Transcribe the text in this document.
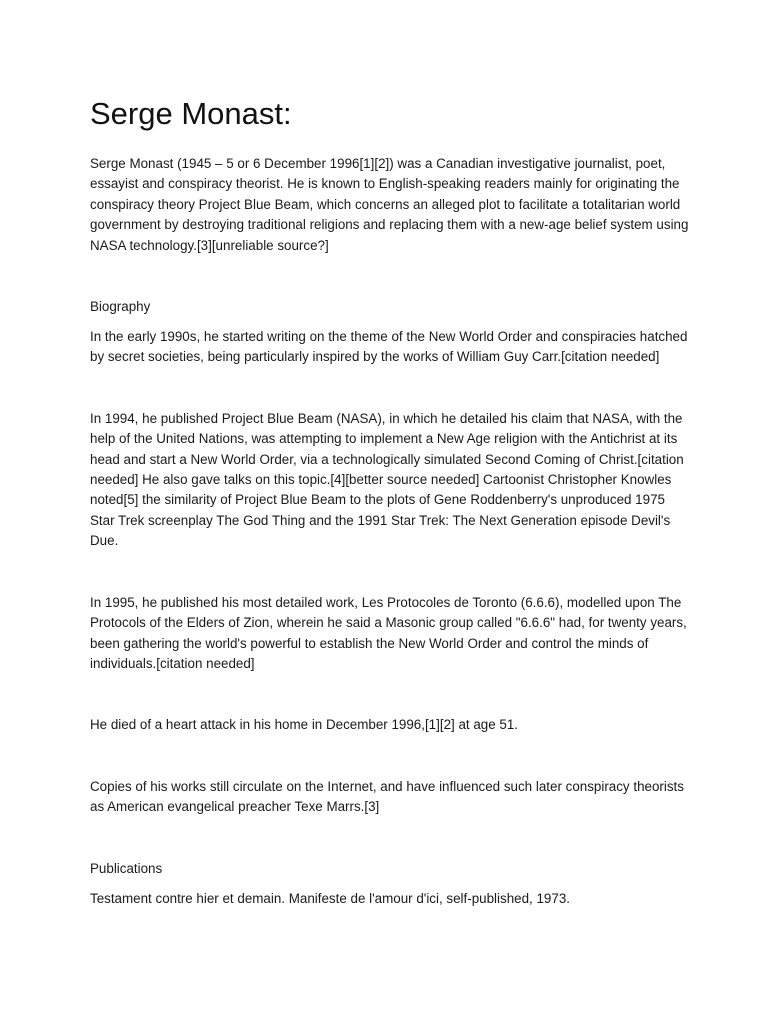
Serge Monast:

Serge Monast (1945 – 5 or 6 December 1996[1][2]) was a Canadian investigative journalist, poet, essayist and conspiracy theorist. He is known to English-speaking readers mainly for originating the conspiracy theory Project Blue Beam, which concerns an alleged plot to facilitate a totalitarian world government by destroying traditional religions and replacing them with a new-age belief system using NASA technology.[3][unreliable source?]

Biography

In the early 1990s, he started writing on the theme of the New World Order and conspiracies hatched by secret societies, being particularly inspired by the works of William Guy Carr.[citation needed]

In 1994, he published Project Blue Beam (NASA), in which he detailed his claim that NASA, with the help of the United Nations, was attempting to implement a New Age religion with the Antichrist at its head and start a New World Order, via a technologically simulated Second Coming of Christ.[citation needed] He also gave talks on this topic.[4][better source needed] Cartoonist Christopher Knowles noted[5] the similarity of Project Blue Beam to the plots of Gene Roddenberry's unproduced 1975 Star Trek screenplay The God Thing and the 1991 Star Trek: The Next Generation episode Devil's Due.

In 1995, he published his most detailed work, Les Protocoles de Toronto (6.6.6), modelled upon The Protocols of the Elders of Zion, wherein he said a Masonic group called "6.6.6" had, for twenty years, been gathering the world's powerful to establish the New World Order and control the minds of individuals.[citation needed]

He died of a heart attack in his home in December 1996,[1][2] at age 51.

Copies of his works still circulate on the Internet, and have influenced such later conspiracy theorists as American evangelical preacher Texe Marrs.[3]

Publications

Testament contre hier et demain. Manifeste de l'amour d'ici, self-published, 1973.
